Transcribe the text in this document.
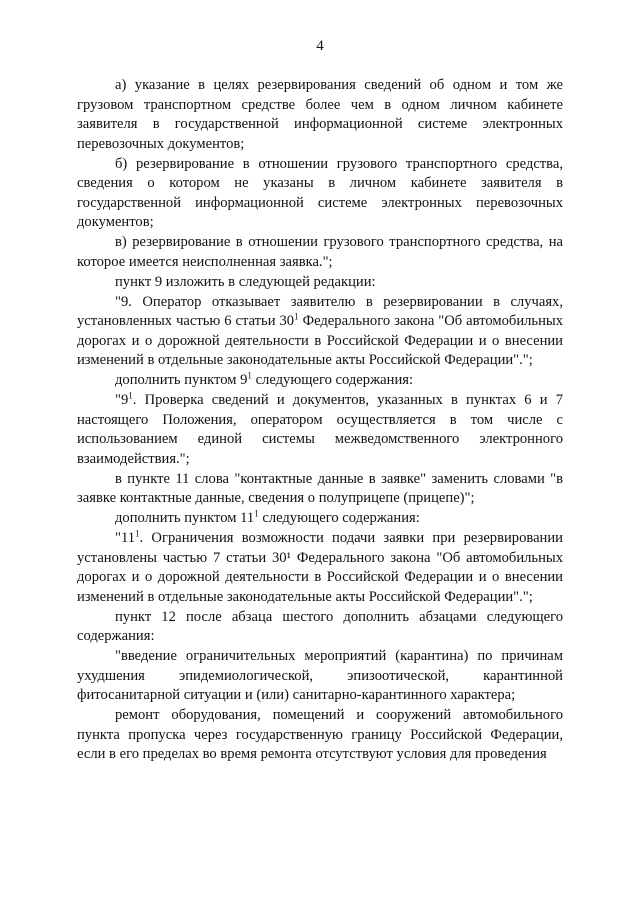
4

а) указание в целях резервирования сведений об одном и том же грузовом транспортном средстве более чем в одном личном кабинете заявителя в государственной информационной системе электронных перевозочных документов;

б) резервирование в отношении грузового транспортного средства, сведения о котором не указаны в личном кабинете заявителя в государственной информационной системе электронных перевозочных документов;

в) резервирование в отношении грузового транспортного средства, на которое имеется неисполненная заявка.";

пункт 9 изложить в следующей редакции:

"9. Оператор отказывает заявителю в резервировании в случаях, установленных частью 6 статьи $30^1$ Федерального закона "Об автомобильных дорогах и о дорожной деятельности в Российской Федерации и о внесении изменений в отдельные законодательные акты Российской Федерации".";

дополнить пунктом $9^1$ следующего содержания:

"$9^1$. Проверка сведений и документов, указанных в пунктах 6 и 7 настоящего Положения, оператором осуществляется в том числе с использованием единой системы межведомственного электронного взаимодействия.";

в пункте 11 слова "контактные данные в заявке" заменить словами "в заявке контактные данные, сведения о полуприцепе (прицепе)";

дополнить пунктом $11^1$ следующего содержания:

"$11^1$. Ограничения возможности подачи заявки при резервировании установлены частью 7 статьи 30¹ Федерального закона "Об автомобильных дорогах и о дорожной деятельности в Российской Федерации и о внесении изменений в отдельные законодательные акты Российской Федерации".";

пункт 12 после абзаца шестого дополнить абзацами следующего содержания:

"введение ограничительных мероприятий (карантина) по причинам ухудшения эпидемиологической, эпизоотической, карантинной фитосанитарной ситуации и (или) санитарно-карантинного характера;

ремонт оборудования, помещений и сооружений автомобильного пункта пропуска через государственную границу Российской Федерации, если в его пределах во время ремонта отсутствуют условия для проведения
